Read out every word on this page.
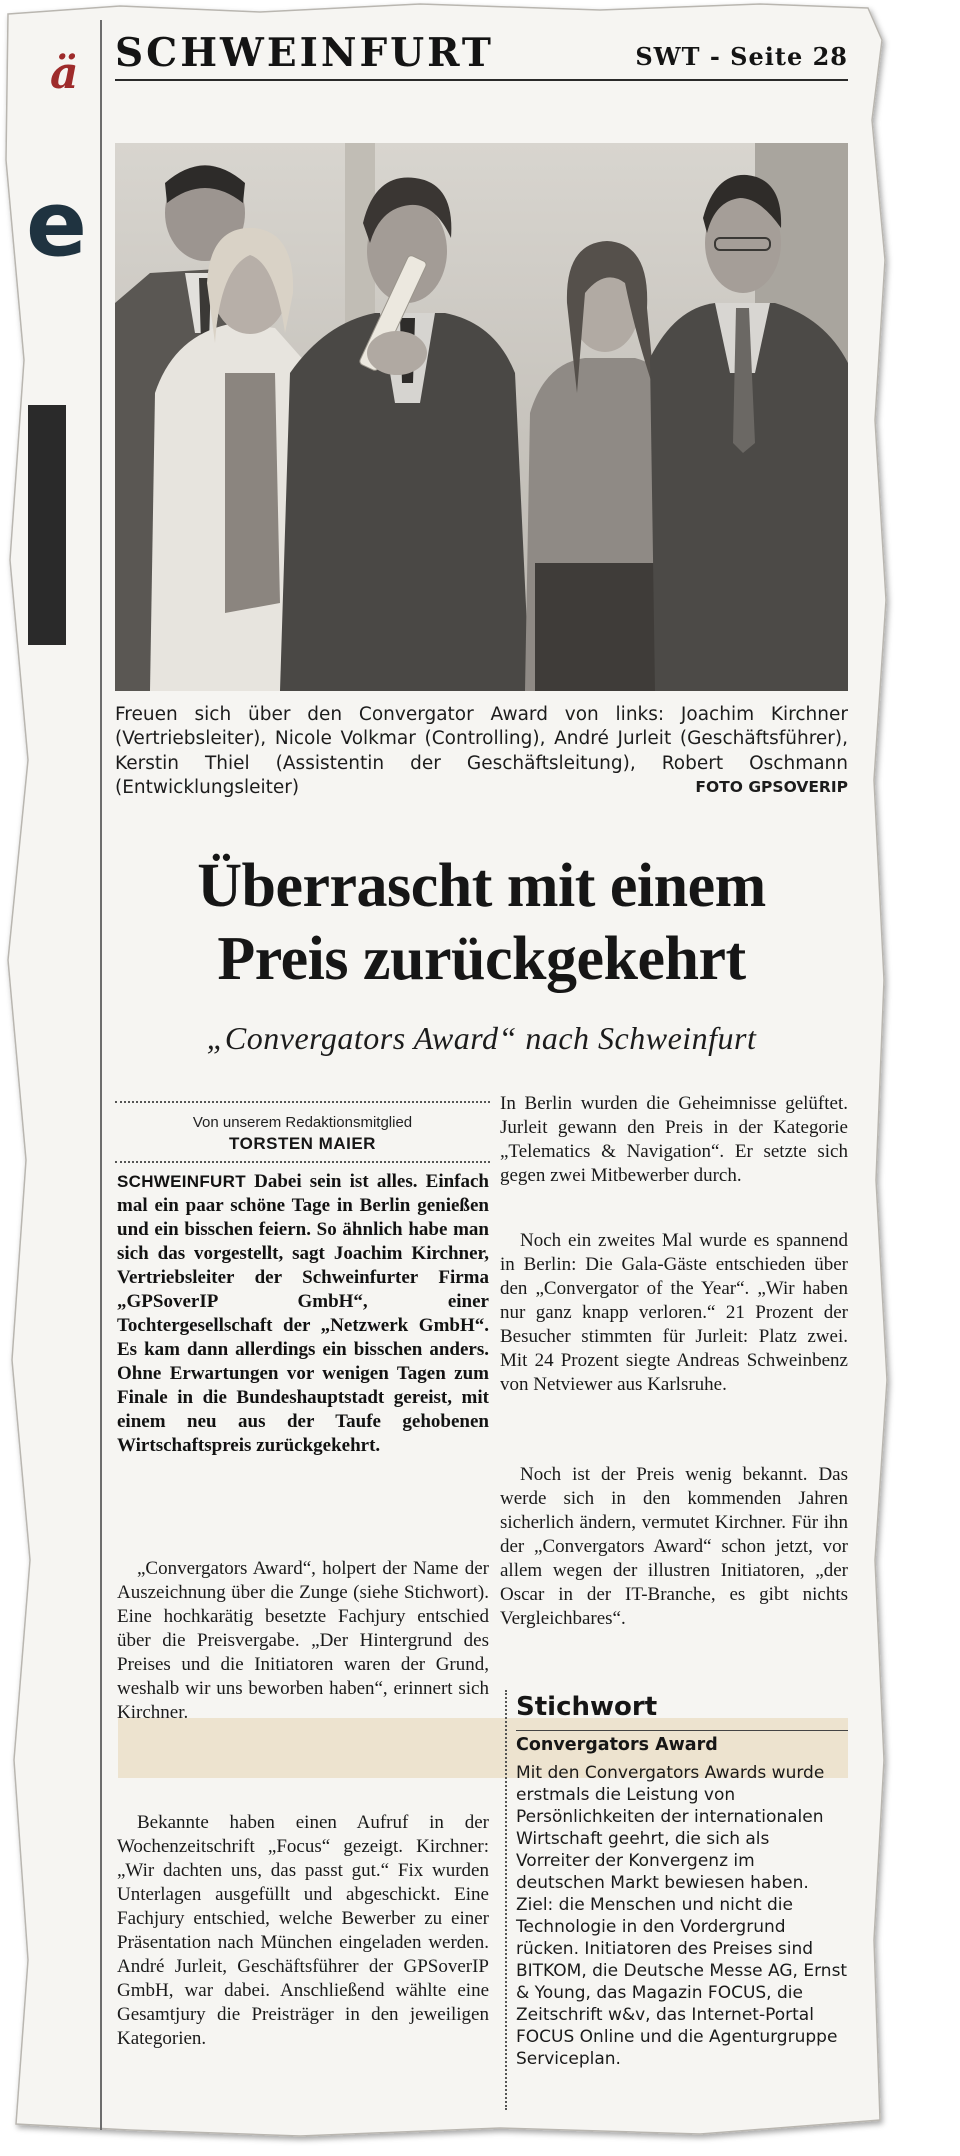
ä
e
SCHWEINFURT	SWT - Seite 28
Freuen sich über den Convergator Award von links: Joachim Kirchner (Vertriebsleiter), Nicole Volkmar (Controlling), André Jurleit (Geschäftsführer), Kerstin Thiel (Assistentin der Geschäftsleitung), Robert Oschmann (Entwicklungsleiter)	FOTO GPSOVERIP
Überrascht mit einem
Preis zurückgekehrt
„Convergators Award“ nach Schweinfurt
Von unserem Redaktionsmitglied
TORSTEN MAIER
SCHWEINFURT Dabei sein ist alles. Einfach mal ein paar schöne Tage in Berlin genießen und ein bisschen feiern. So ähnlich habe man sich das vorgestellt, sagt Joachim Kirchner, Vertriebsleiter der Schweinfurter Firma „GPSoverIP GmbH“, einer Tochtergesellschaft der „Netzwerk GmbH“. Es kam dann allerdings ein bisschen anders. Ohne Erwartungen vor wenigen Tagen zum Finale in die Bundeshauptstadt gereist, mit einem neu aus der Taufe gehobenen Wirtschaftspreis zurückgekehrt.
„Convergators Award“, holpert der Name der Auszeichnung über die Zunge (siehe Stichwort). Eine hochkarätig besetzte Fachjury entschied über die Preisvergabe. „Der Hintergrund des Preises und die Initiatoren waren der Grund, weshalb wir uns beworben haben“, erinnert sich Kirchner.
Bekannte haben einen Aufruf in der Wochenzeitschrift „Focus“ gezeigt. Kirchner: „Wir dachten uns, das passt gut.“ Fix wurden Unterlagen ausgefüllt und abgeschickt. Eine Fachjury entschied, welche Bewerber zu einer Präsentation nach München eingeladen werden. André Jurleit, Geschäftsführer der GPSoverIP GmbH, war dabei. Anschließend wählte eine Gesamtjury die Preisträger in den jeweiligen Kategorien.
In Berlin wurden die Geheimnisse gelüftet. Jurleit gewann den Preis in der Kategorie „Telematics & Navigation“. Er setzte sich gegen zwei Mitbewerber durch.
Noch ein zweites Mal wurde es spannend in Berlin: Die Gala-Gäste entschieden über den „Convergator of the Year“. „Wir haben nur ganz knapp verloren.“ 21 Prozent der Besucher stimmten für Jurleit: Platz zwei. Mit 24 Prozent siegte Andreas Schweinbenz von Netviewer aus Karlsruhe.
Noch ist der Preis wenig bekannt. Das werde sich in den kommenden Jahren sicherlich ändern, vermutet Kirchner. Für ihn der „Convergators Award“ schon jetzt, vor allem wegen der illustren Initiatoren, „der Oscar in der IT-Branche, es gibt nichts Vergleichbares“.
Stichwort
Convergators Award
Mit den Convergators Awards wurde erstmals die Leistung von Persönlichkeiten der internationalen Wirtschaft geehrt, die sich als Vorreiter der Konvergenz im deutschen Markt bewiesen haben. Ziel: die Menschen und nicht die Technologie in den Vordergrund rücken. Initiatoren des Preises sind BITKOM, die Deutsche Messe AG, Ernst & Young, das Magazin FOCUS, die Zeitschrift w&v, das Internet-Portal FOCUS Online und die Agenturgruppe Serviceplan.
